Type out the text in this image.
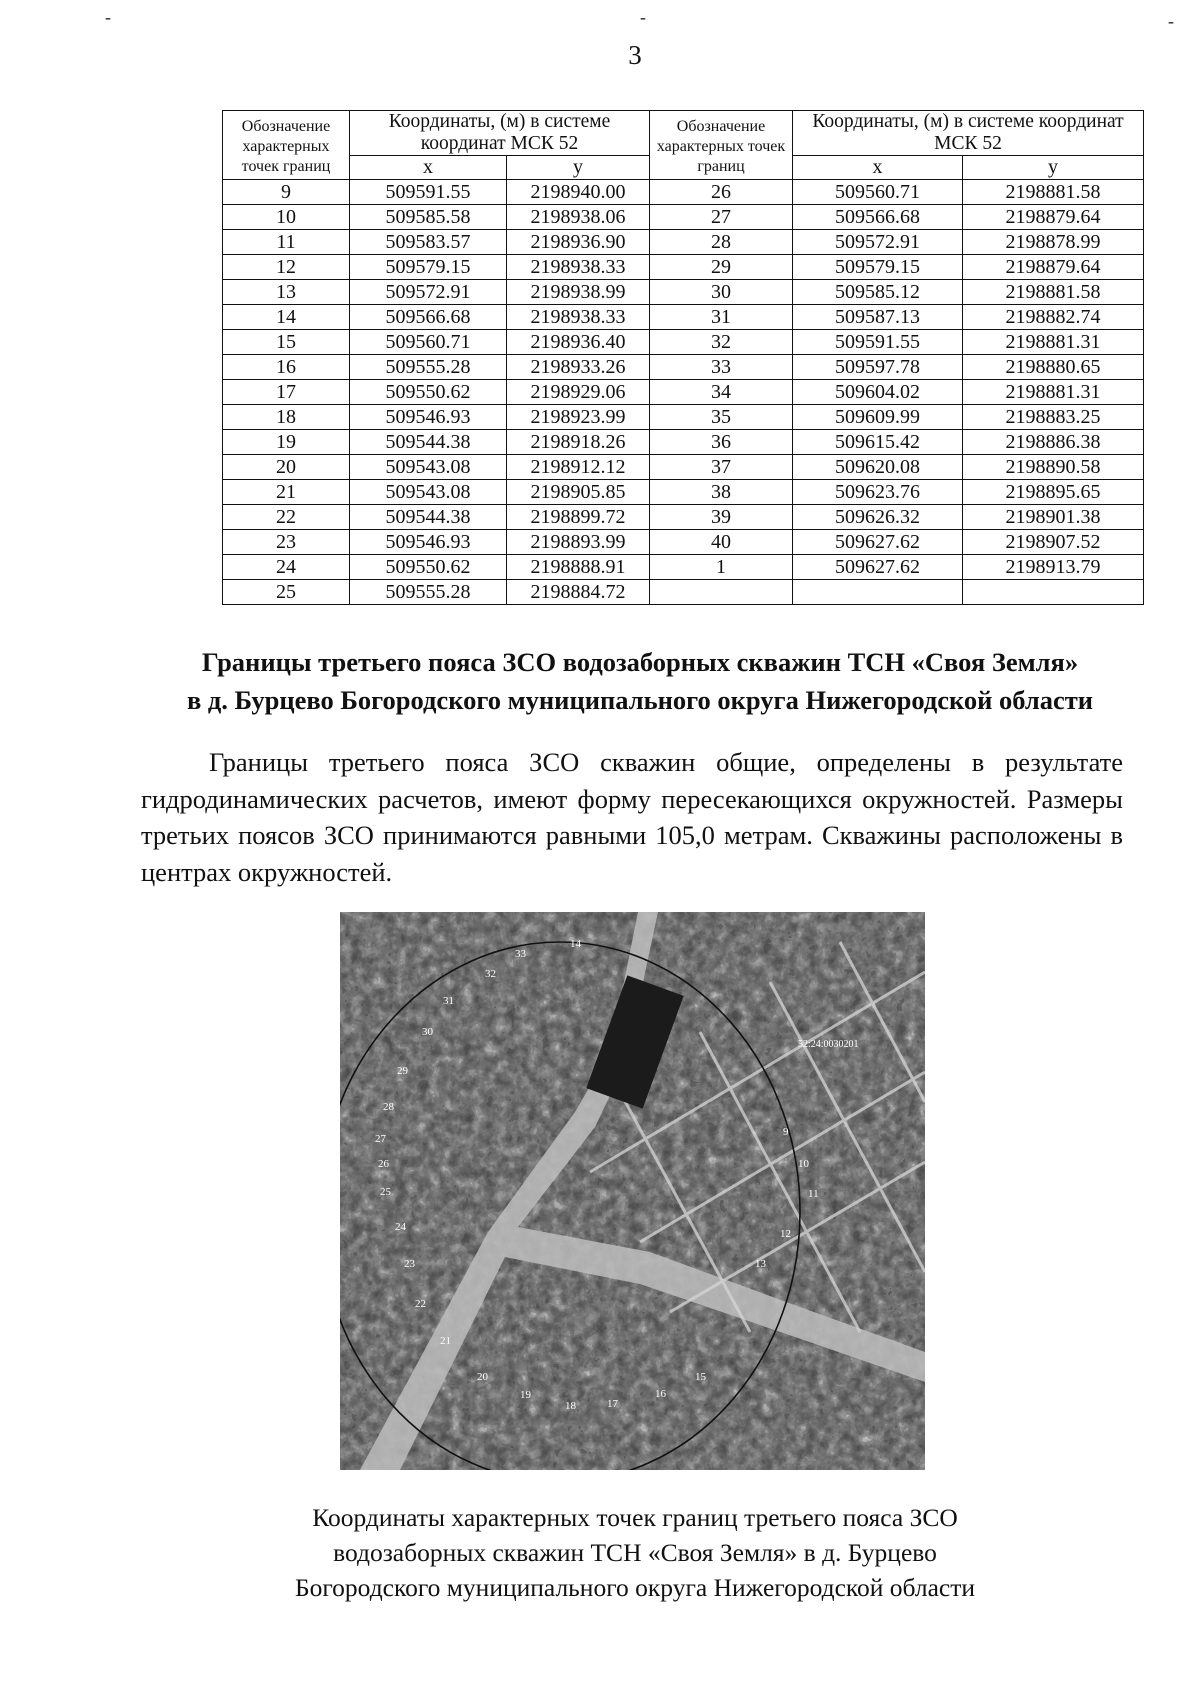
-	-	-
3
Обозначение характерных точек границ	Координаты, (м) в системе координат МСК 52		Обозначение характерных точек границ	Координаты, (м) в системе координат МСК 52	
	x	y		x	y
9	509591.55	2198940.00	26	509560.71	2198881.58
10	509585.58	2198938.06	27	509566.68	2198879.64
11	509583.57	2198936.90	28	509572.91	2198878.99
12	509579.15	2198938.33	29	509579.15	2198879.64
13	509572.91	2198938.99	30	509585.12	2198881.58
14	509566.68	2198938.33	31	509587.13	2198882.74
15	509560.71	2198936.40	32	509591.55	2198881.31
16	509555.28	2198933.26	33	509597.78	2198880.65
17	509550.62	2198929.06	34	509604.02	2198881.31
18	509546.93	2198923.99	35	509609.99	2198883.25
19	509544.38	2198918.26	36	509615.42	2198886.38
20	509543.08	2198912.12	37	509620.08	2198890.58
21	509543.08	2198905.85	38	509623.76	2198895.65
22	509544.38	2198899.72	39	509626.32	2198901.38
23	509546.93	2198893.99	40	509627.62	2198907.52
24	509550.62	2198888.91	1	509627.62	2198913.79
25	509555.28	2198884.72			
Границы третьего пояса ЗСО водозаборных скважин ТСН «Своя Земля»
в д. Бурцево Богородского муниципального округа Нижегородской области
Границы третьего пояса ЗСО скважин общие, определены в результате гидродинамических расчетов, имеют форму пересекающихся окружностей. Размеры третьих поясов ЗСО принимаются равными 105,0 метрам. Скважины расположены в центрах окружностей.
33
32
14
31
30
29
28
27
26
25
24
23
22
21
20
19
18	17
16
15
9
10
11
12
13
52:24:0030201
Координаты характерных точек границ третьего пояса ЗСО
водозаборных скважин ТСН «Своя Земля» в д. Бурцево
Богородского муниципального округа Нижегородской области
